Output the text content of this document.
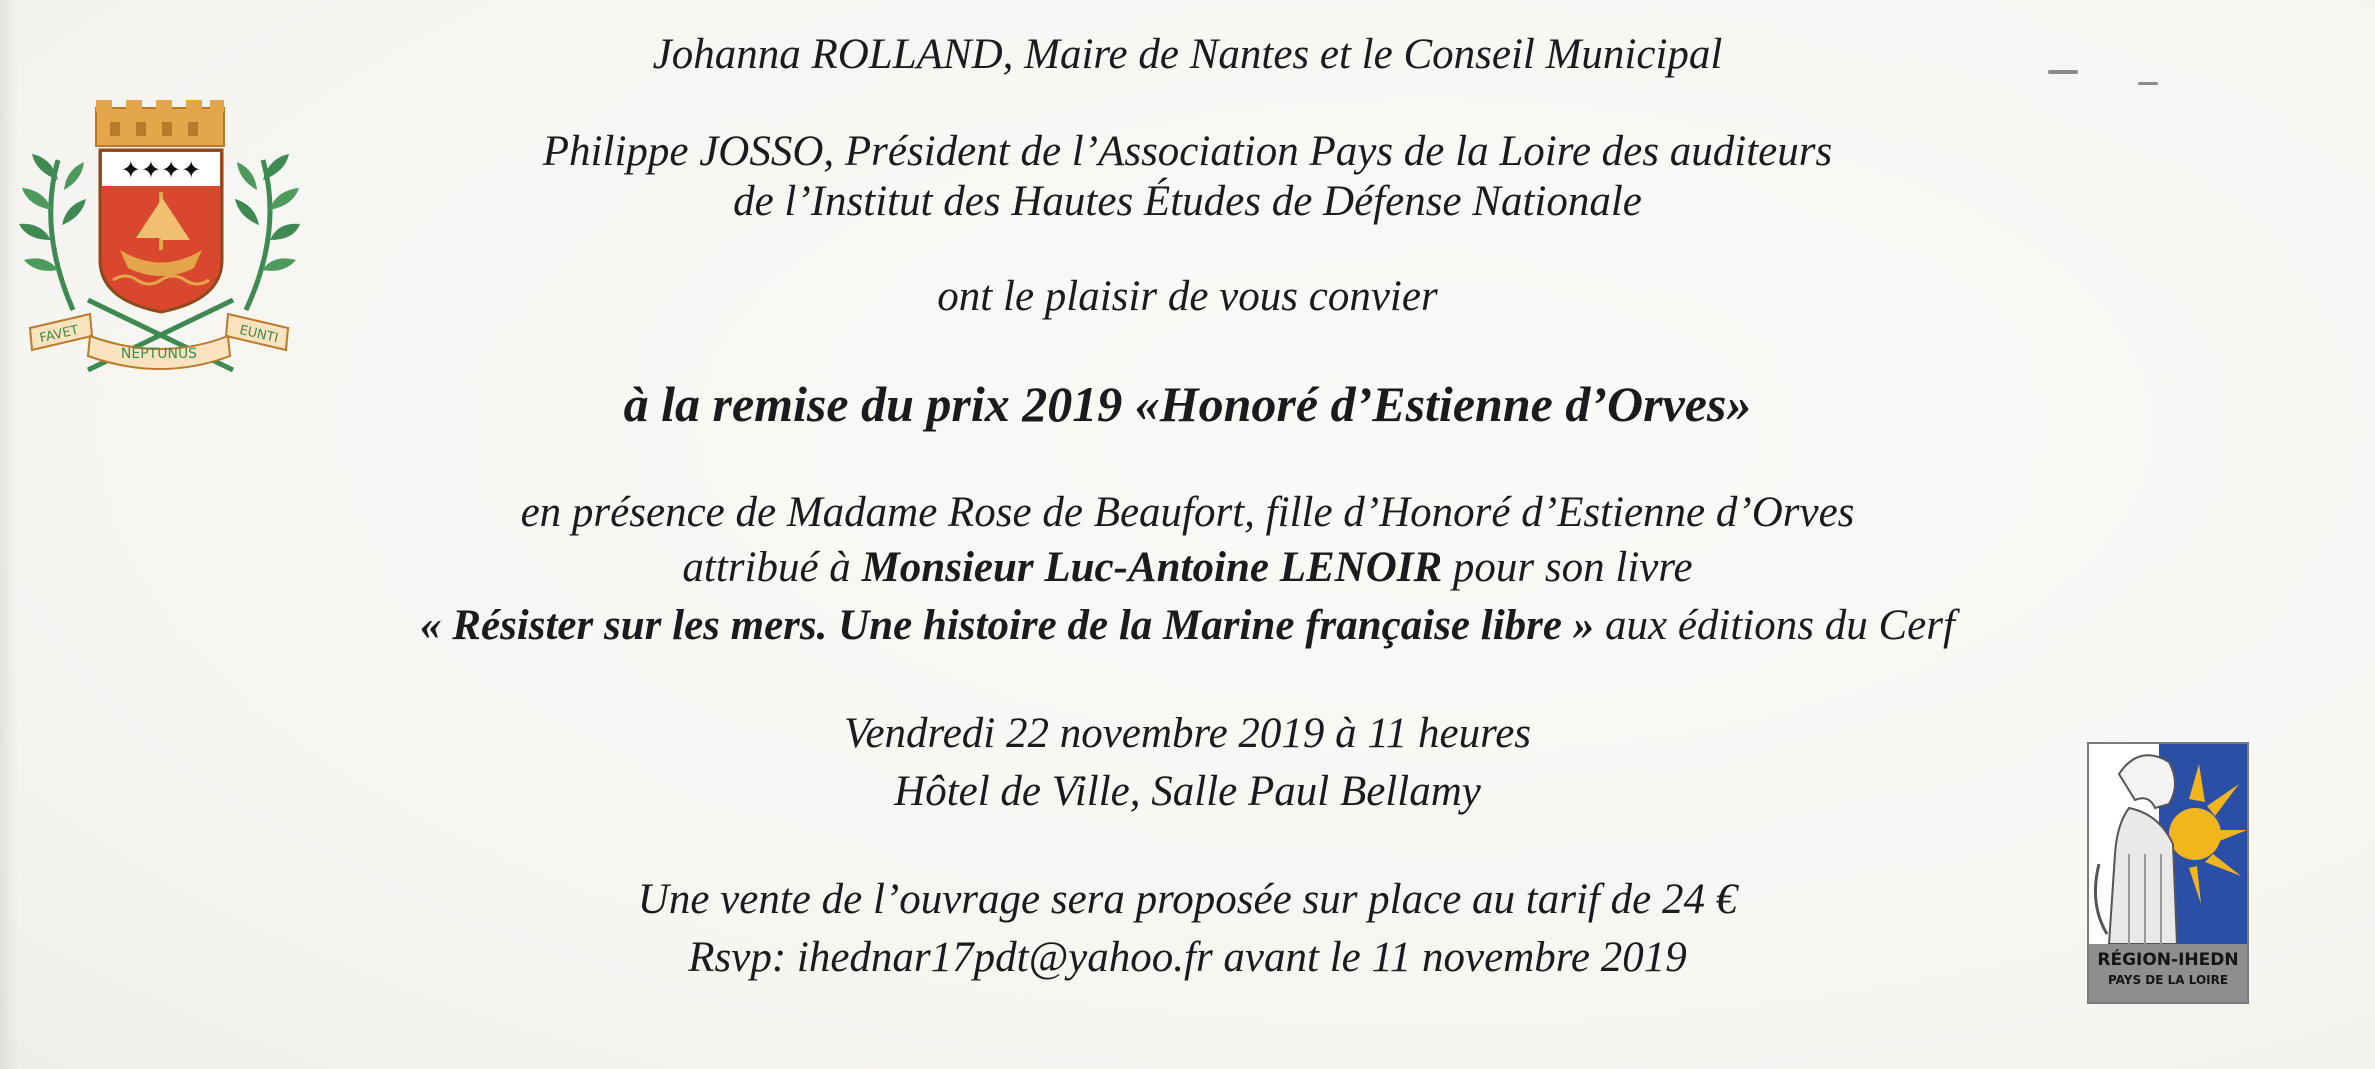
✦✦✦✦
FAVET
NEPTUNUS
EUNTI
Johanna ROLLAND, Maire de Nantes et le Conseil Municipal
Philippe JOSSO, Président de l’Association Pays de la Loire des auditeurs
de l’Institut des Hautes Études de Défense Nationale
ont le plaisir de vous convier
à la remise du prix 2019 «Honoré d’Estienne d’Orves»
en présence de Madame Rose de Beaufort, fille d’Honoré d’Estienne d’Orves
attribué à Monsieur Luc-Antoine LENOIR pour son livre
« Résister sur les mers. Une histoire de la Marine française libre » aux éditions du Cerf
Vendredi 22 novembre 2019 à 11 heures
Hôtel de Ville, Salle Paul Bellamy
Une vente de l’ouvrage sera proposée sur place au tarif de 24 €
Rsvp: ihednar17pdt@yahoo.fr avant le 11 novembre 2019	RÉGION-IHEDN
PAYS DE LA LOIRE
